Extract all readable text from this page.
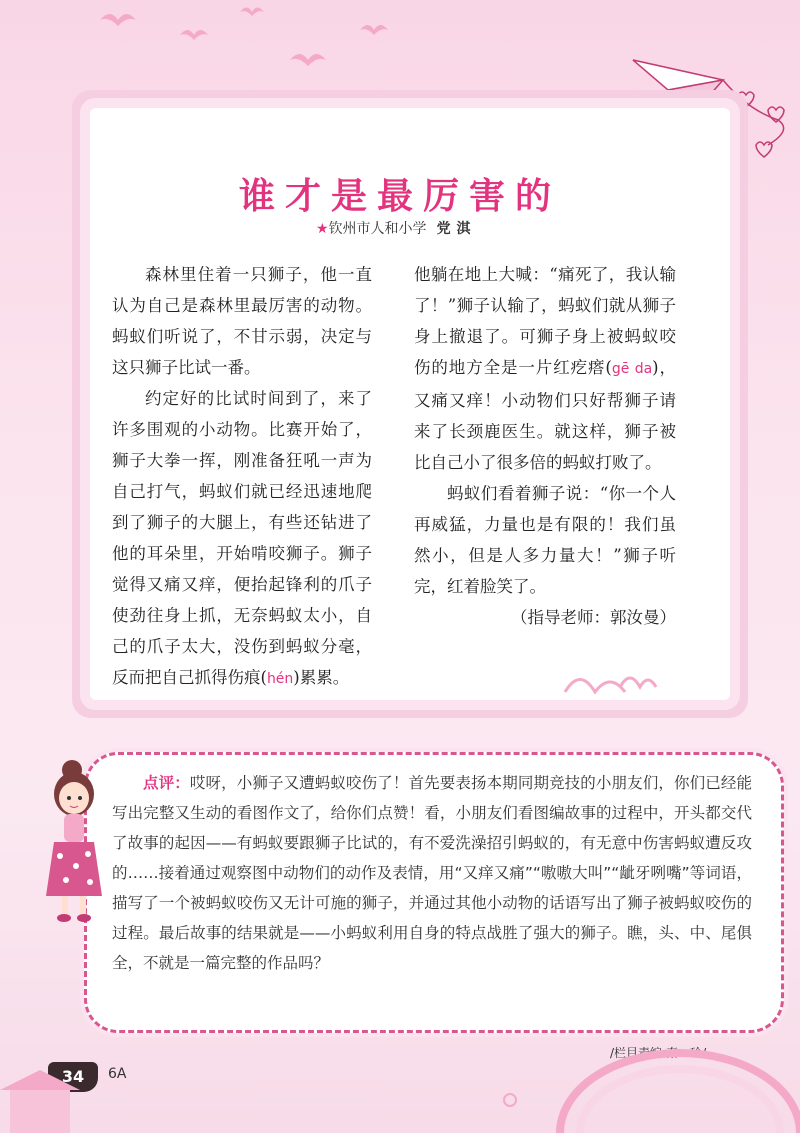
谁才是最厉害的
★钦州市人和小学 党淇

森林里住着一只狮子，他一直认为自己是森林里最厉害的动物。蚂蚁们听说了，不甘示弱，决定与这只狮子比试一番。

约定好的比试时间到了，来了许多围观的小动物。比赛开始了，狮子大拳一挥，刚准备狂吼一声为自己打气，蚂蚁们就已经迅速地爬到了狮子的大腿上，有些还钻进了他的耳朵里，开始啃咬狮子。狮子觉得又痛又痒，便抬起锋利的爪子使劲往身上抓，无奈蚂蚁太小，自己的爪子太大，没伤到蚂蚁分毫，反而把自己抓得伤痕(hén)累累。

他躺在地上大喊：“痛死了，我认输了！”狮子认输了，蚂蚁们就从狮子身上撤退了。可狮子身上被蚂蚁咬伤的地方全是一片红疙瘩(gē da)，又痛又痒！小动物们只好帮狮子请来了长颈鹿医生。就这样，狮子被比自己小了很多倍的蚂蚁打败了。

蚂蚁们看着狮子说：“你一个人再威猛，力量也是有限的！我们虽然小，但是人多力量大！”狮子听完，红着脸笑了。

（指导老师：郭汝曼）

点评：哎呀，小狮子又遭蚂蚁咬伤了！首先要表扬本期同期竞技的小朋友们，你们已经能写出完整又生动的看图作文了，给你们点赞！看，小朋友们看图编故事的过程中，开头都交代了故事的起因——有蚂蚁要跟狮子比试的，有不爱洗澡招引蚂蚁的，有无意中伤害蚂蚁遭反攻的……接着通过观察图中动物们的动作及表情，用“又痒又痛”“嗷嗷大叫”“龇牙咧嘴”等词语，描写了一个被蚂蚁咬伤又无计可施的狮子，并通过其他小动物的话语写出了狮子被蚂蚁咬伤的过程。最后故事的结果就是——小蚂蚁利用自身的特点战胜了强大的狮子。瞧，头、中、尾俱全，不就是一篇完整的作品吗？
34	6A
/栏目责编:秦　玲/
